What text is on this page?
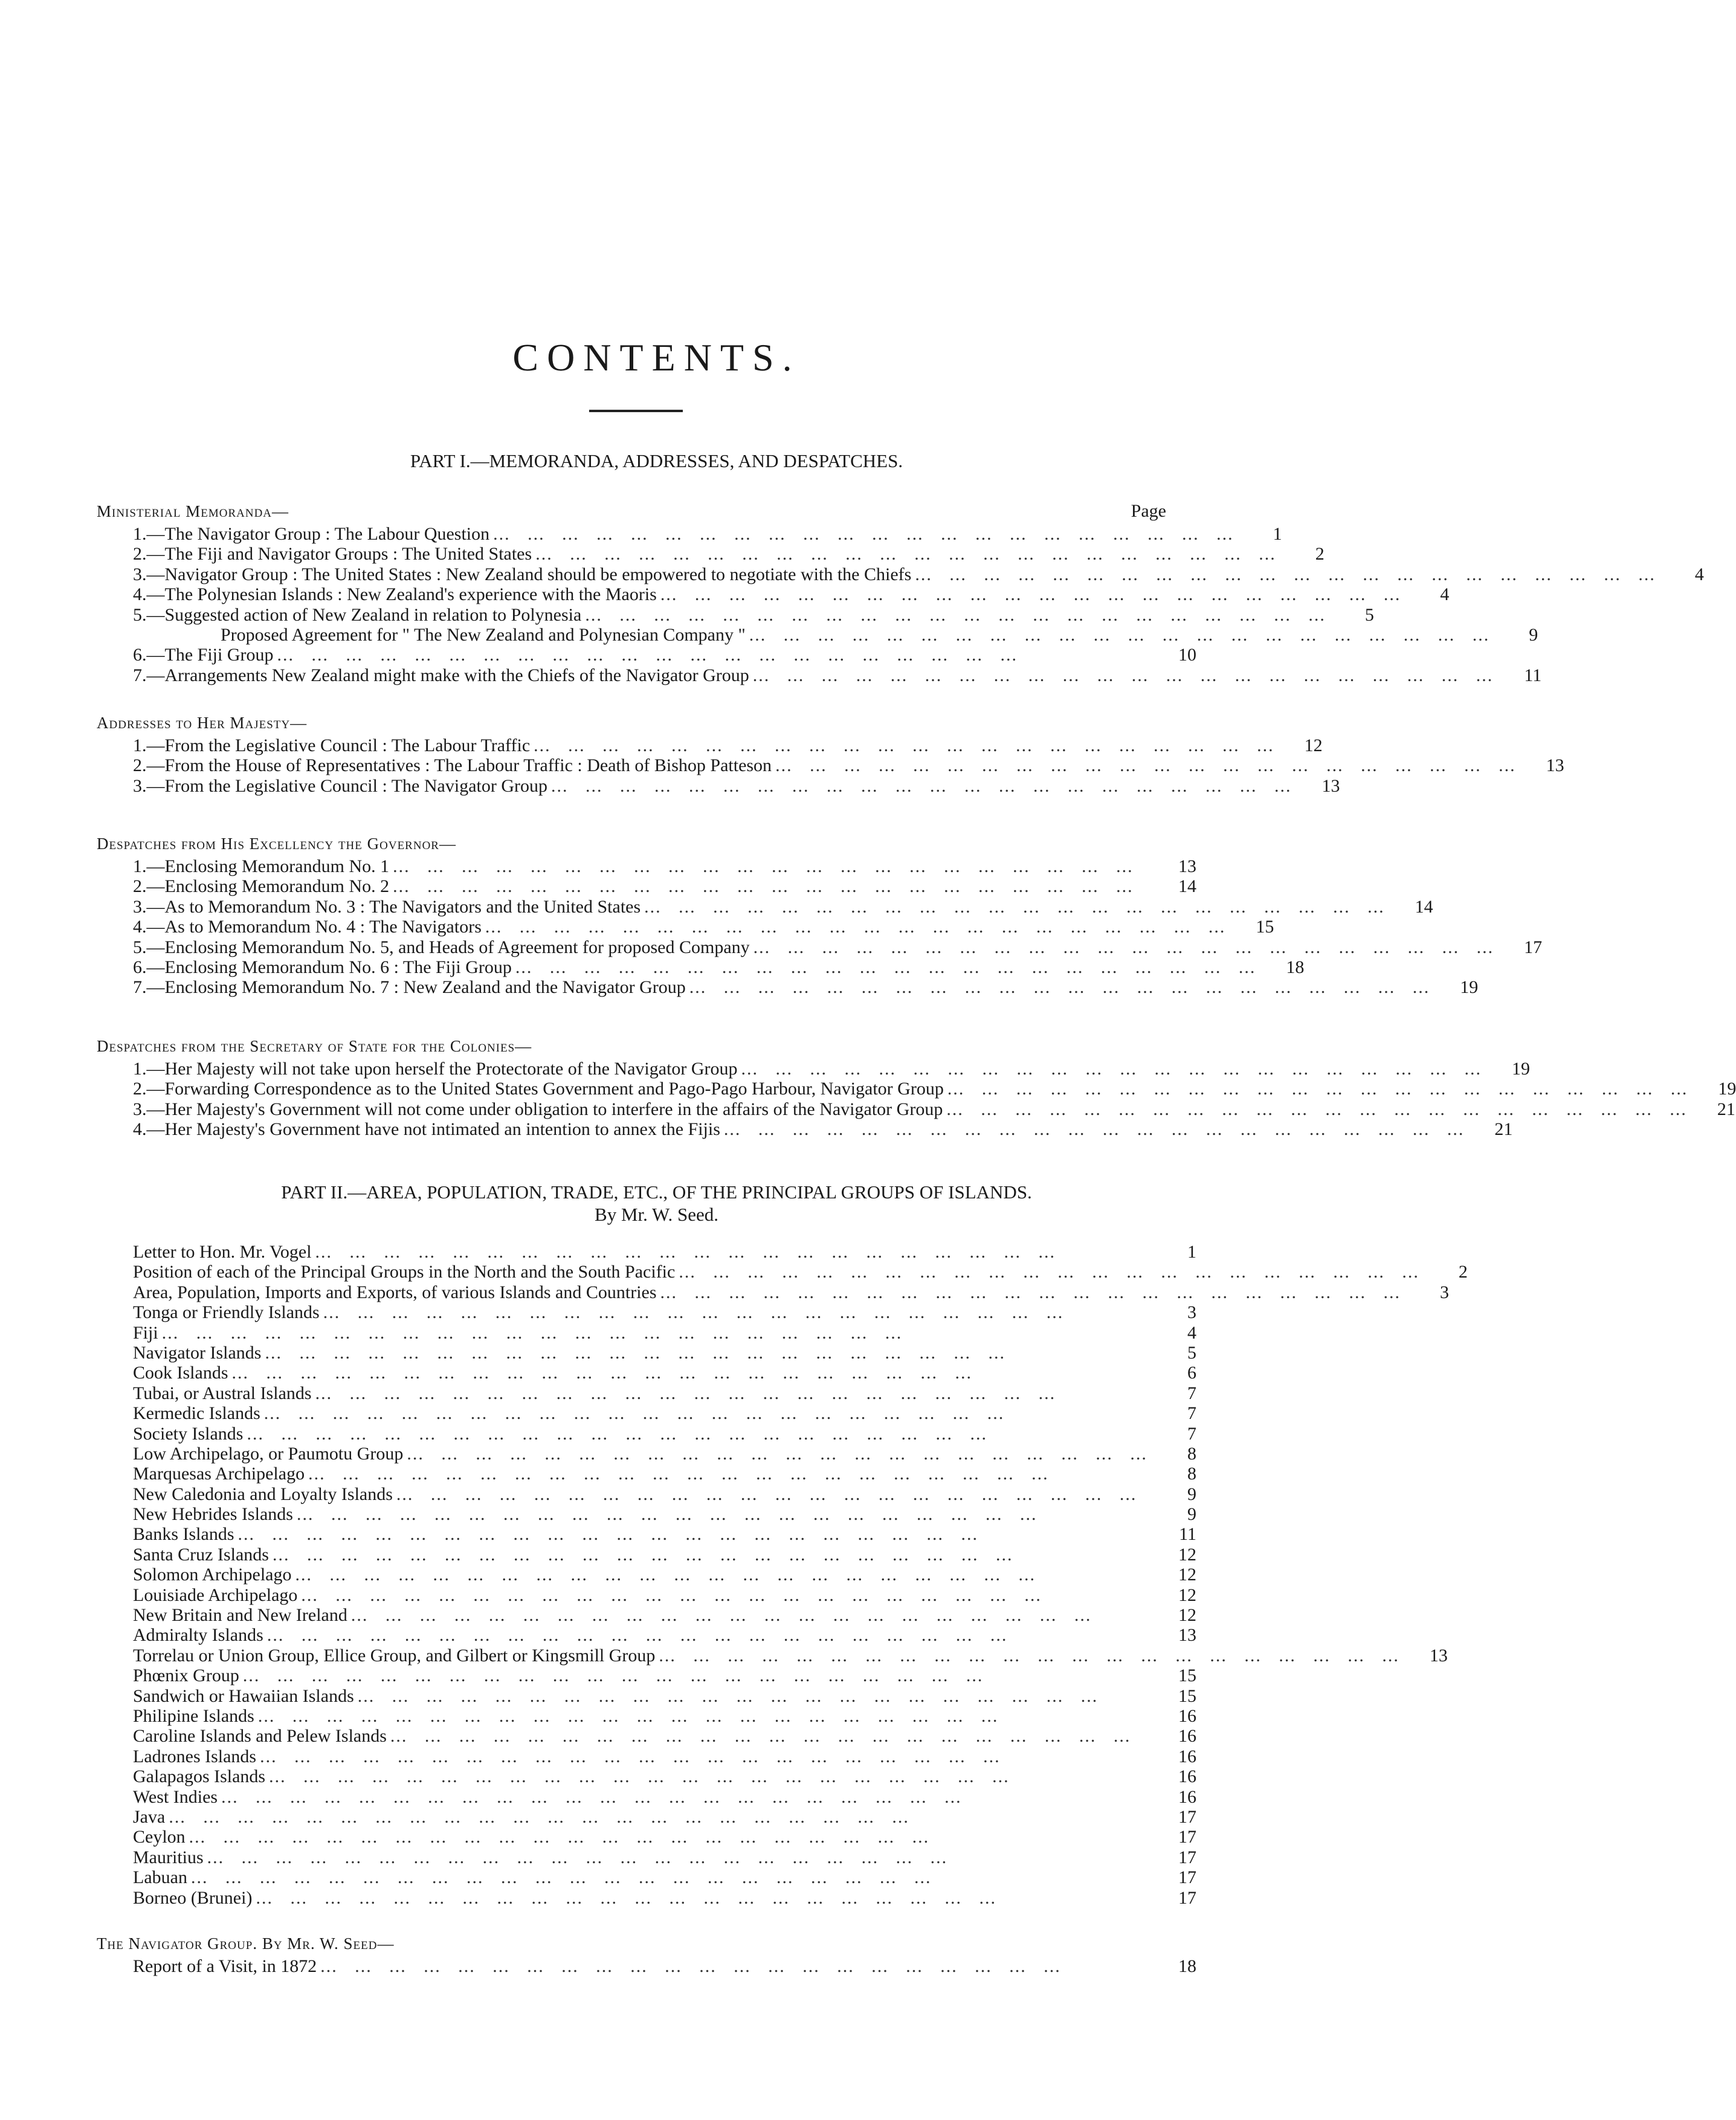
CONTENTS.
PART I.—MEMORANDA, ADDRESSES, AND DESPATCHES.
Ministerial Memoranda—	Page
1.—The Navigator Group : The Labour Question ...	1
2.—The Fiji and Navigator Groups : The United States ...	2
3.—Navigator Group : The United States : New Zealand should be empowered to negotiate with the Chiefs ...	4
4.—The Polynesian Islands : New Zealand's experience with the Maoris ...	4
5.—Suggested action of New Zealand in relation to Polynesia ...	5
Proposed Agreement for " The New Zealand and Polynesian Company " ...	9
6.—The Fiji Group ...	10
7.—Arrangements New Zealand might make with the Chiefs of the Navigator Group ...	11
Addresses to Her Majesty—
1.—From the Legislative Council : The Labour Traffic ...	12
2.—From the House of Representatives : The Labour Traffic : Death of Bishop Patteson ...	13
3.—From the Legislative Council : The Navigator Group ...	13
Despatches from His Excellency the Governor—
1.—Enclosing Memorandum No. 1 ...	13
2.—Enclosing Memorandum No. 2 ...	14
3.—As to Memorandum No. 3 : The Navigators and the United States ...	14
4.—As to Memorandum No. 4 : The Navigators ...	15
5.—Enclosing Memorandum No. 5, and Heads of Agreement for proposed Company ...	17
6.—Enclosing Memorandum No. 6 : The Fiji Group ...	18
7.—Enclosing Memorandum No. 7 : New Zealand and the Navigator Group ...	19
Despatches from the Secretary of State for the Colonies—
1.—Her Majesty will not take upon herself the Protectorate of the Navigator Group ...	19
2.—Forwarding Correspondence as to the United States Government and Pago-Pago Harbour, Navigator Group ...	19
3.—Her Majesty's Government will not come under obligation to interfere in the affairs of the Navigator Group ...	21
4.—Her Majesty's Government have not intimated an intention to annex the Fijis ...	21
PART II.—AREA, POPULATION, TRADE, ETC., OF THE PRINCIPAL GROUPS OF ISLANDS.
By Mr. W. Seed.
Letter to Hon. Mr. Vogel ...	1
Position of each of the Principal Groups in the North and the South Pacific ...	2
Area, Population, Imports and Exports, of various Islands and Countries ...	3
Tonga or Friendly Islands ...	3
Fiji ...	4
Navigator Islands ...	5
Cook Islands ...	6
Tubai, or Austral Islands ...	7
Kermedic Islands ...	7
Society Islands ...	7
Low Archipelago, or Paumotu Group ...	8
Marquesas Archipelago ...	8
New Caledonia and Loyalty Islands ...	9
New Hebrides Islands ...	9
Banks Islands ...	11
Santa Cruz Islands ...	12
Solomon Archipelago ...	12
Louisiade Archipelago ...	12
New Britain and New Ireland ...	12
Admiralty Islands ...	13
Torrelau or Union Group, Ellice Group, and Gilbert or Kingsmill Group ...	13
Phœnix Group ...	15
Sandwich or Hawaiian Islands ...	15
Philipine Islands ...	16
Caroline Islands and Pelew Islands ...	16
Ladrones Islands ...	16
Galapagos Islands ...	16
West Indies ...	16
Java ...	17
Ceylon ...	17
Mauritius ...	17
Labuan ...	17
Borneo (Brunei) ...	17
The Navigator Group. By Mr. W. Seed—
Report of a Visit, in 1872 ...	18
